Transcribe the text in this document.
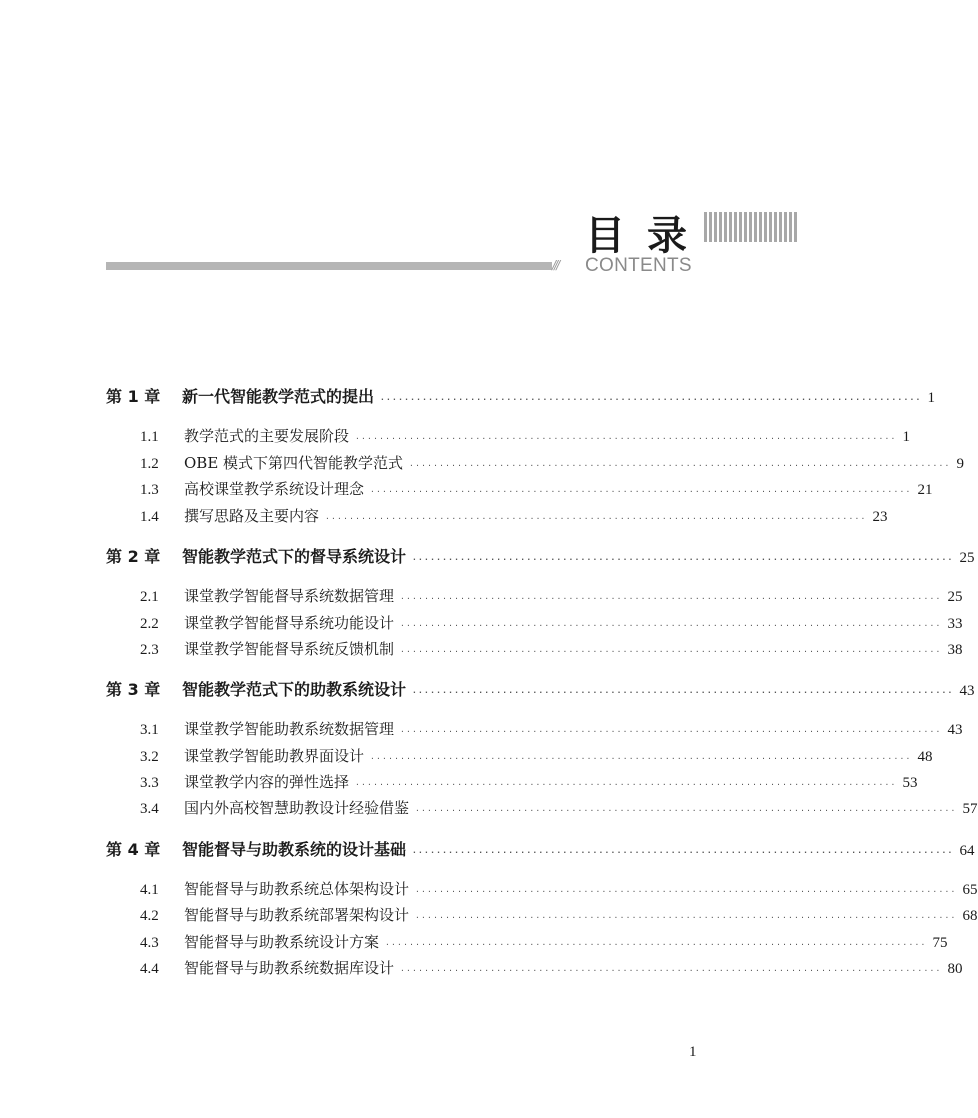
目 录
///	CONTENTS
第 1 章 新一代智能教学范式的提出 ·························································································· 1
1.1 教学范式的主要发展阶段 ·························································································· 1
1.2 OBE 模式下第四代智能教学范式 ·························································································· 9
1.3 高校课堂教学系统设计理念 ·························································································· 21
1.4 撰写思路及主要内容 ·························································································· 23
第 2 章 智能教学范式下的督导系统设计 ·························································································· 25
2.1 课堂教学智能督导系统数据管理 ·························································································· 25
2.2 课堂教学智能督导系统功能设计 ·························································································· 33
2.3 课堂教学智能督导系统反馈机制 ·························································································· 38
第 3 章 智能教学范式下的助教系统设计 ·························································································· 43
3.1 课堂教学智能助教系统数据管理 ·························································································· 43
3.2 课堂教学智能助教界面设计 ·························································································· 48
3.3 课堂教学内容的弹性选择 ·························································································· 53
3.4 国内外高校智慧助教设计经验借鉴 ·························································································· 57
第 4 章 智能督导与助教系统的设计基础 ·························································································· 64
4.1 智能督导与助教系统总体架构设计 ·························································································· 65
4.2 智能督导与助教系统部署架构设计 ·························································································· 68
4.3 智能督导与助教系统设计方案 ·························································································· 75
4.4 智能督导与助教系统数据库设计 ·························································································· 80
1
